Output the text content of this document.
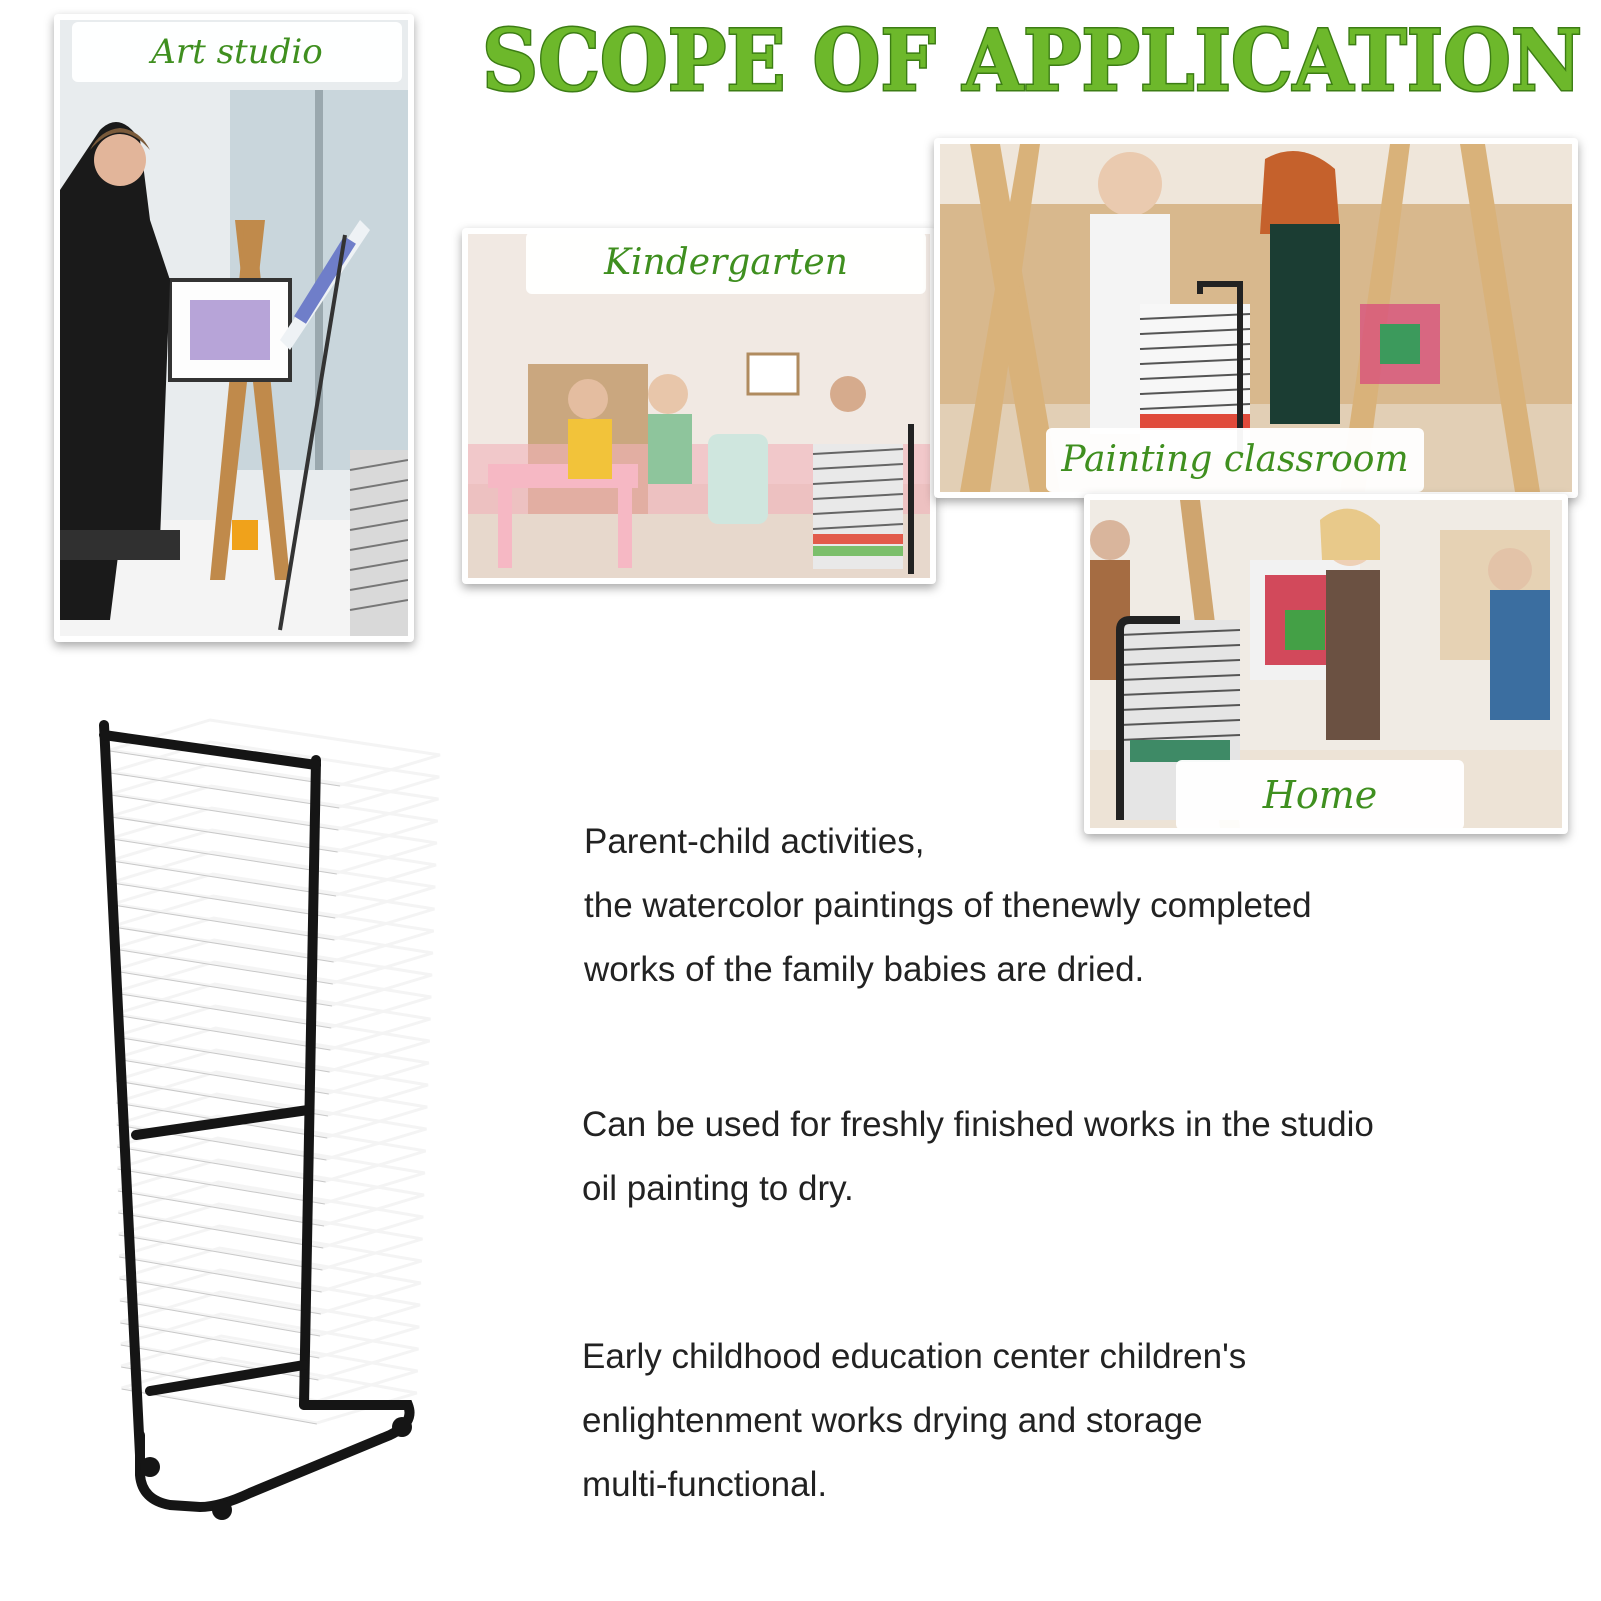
SCOPE OF APPLICATION
Art studio
Kindergarten
Painting classroom
Home

Parent-child activities,
the watercolor paintings of thenewly completed
works of the family babies are dried.

Can be used for freshly finished works in the studio
oil painting to dry.

Early childhood education center children's
enlightenment works drying and storage
multi-functional.
